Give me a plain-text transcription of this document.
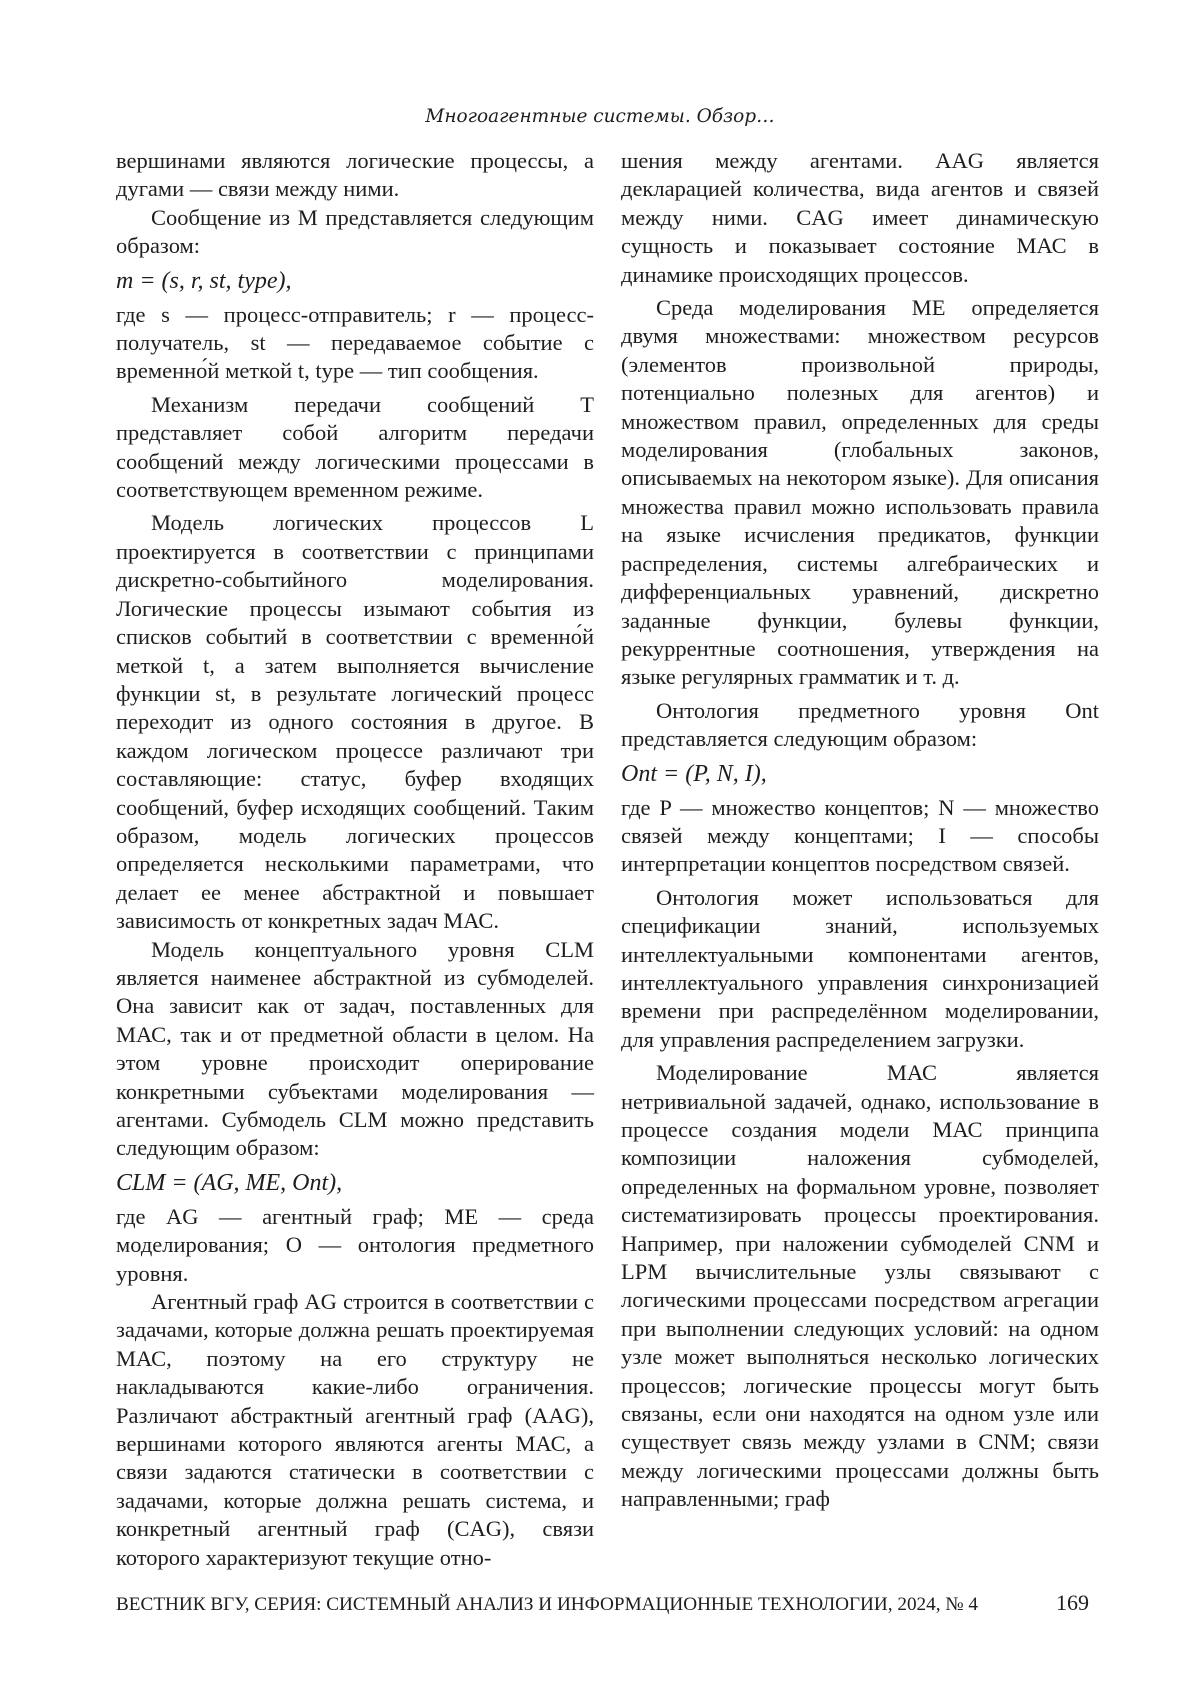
Многоагентные системы. Обзор…

вершинами являются логические процессы, а дугами — связи между ними.

Сообщение из M представляется следующим образом:

m = (s, r, st, type),

где s — процесс-отправитель; r — процесс-получатель, st — передаваемое событие с временно́й меткой t, type — тип сообщения.

Механизм передачи сообщений T представляет собой алгоритм передачи сообщений между логическими процессами в соответствующем временном режиме.

Модель логических процессов L проектируется в соответствии с принципами дискретно-событийного моделирования. Логические процессы изымают события из списков событий в соответствии с временно́й меткой t, а затем выполняется вычисление функции st, в результате логический процесс переходит из одного состояния в другое. В каждом логическом процессе различают три составляющие: статус, буфер входящих сообщений, буфер исходящих сообщений. Таким образом, модель логических процессов определяется несколькими параметрами, что делает ее менее абстрактной и повышает зависимость от конкретных задач МАС.

Модель концептуального уровня CLM является наименее абстрактной из субмоделей. Она зависит как от задач, поставленных для МАС, так и от предметной области в целом. На этом уровне происходит оперирование конкретными субъектами моделирования — агентами. Субмодель CLM можно представить следующим образом:

CLM = (AG, ME, Ont),

где AG — агентный граф; ME — среда моделирования; O — онтология предметного уровня.

Агентный граф AG строится в соответствии с задачами, которые должна решать проектируемая МАС, поэтому на его структуру не накладываются какие-либо ограничения. Различают абстрактный агентный граф (AAG), вершинами которого являются агенты МАС, а связи задаются статически в соответствии с задачами, которые должна решать система, и конкретный агентный граф (CAG), связи которого характеризуют текущие отно-

шения между агентами. AAG является декларацией количества, вида агентов и связей между ними. CAG имеет динамическую сущность и показывает состояние МАС в динамике происходящих процессов.

Среда моделирования ME определяется двумя множествами: множеством ресурсов (элементов произвольной природы, потенциально полезных для агентов) и множеством правил, определенных для среды моделирования (глобальных законов, описываемых на некотором языке). Для описания множества правил можно использовать правила на языке исчисления предикатов, функции распределения, системы алгебраических и дифференциальных уравнений, дискретно заданные функции, булевы функции, рекуррентные соотношения, утверждения на языке регулярных грамматик и т. д.

Онтология предметного уровня Ont представляется следующим образом:

Ont = (P, N, I),

где P — множество концептов; N — множество связей между концептами; I — способы интерпретации концептов посредством связей.

Онтология может использоваться для спецификации знаний, используемых интеллектуальными компонентами агентов, интеллектуального управления синхронизацией времени при распределённом моделировании, для управления распределением загрузки.

Моделирование МАС является нетривиальной задачей, однако, использование в процессе создания модели МАС принципа композиции наложения субмоделей, определенных на формальном уровне, позволяет систематизировать процессы проектирования. Например, при наложении субмоделей CNM и LPM вычислительные узлы связывают с логическими процессами посредством агрегации при выполнении следующих условий: на одном узле может выполняться несколько логических процессов; логические процессы могут быть связаны, если они находятся на одном узле или существует связь между узлами в CNM; связи между логическими процессами должны быть направленными; граф

ВЕСТНИК ВГУ, СЕРИЯ: СИСТЕМНЫЙ АНАЛИЗ И ИНФОРМАЦИОННЫЕ ТЕХНОЛОГИИ, 2024, № 4	169
